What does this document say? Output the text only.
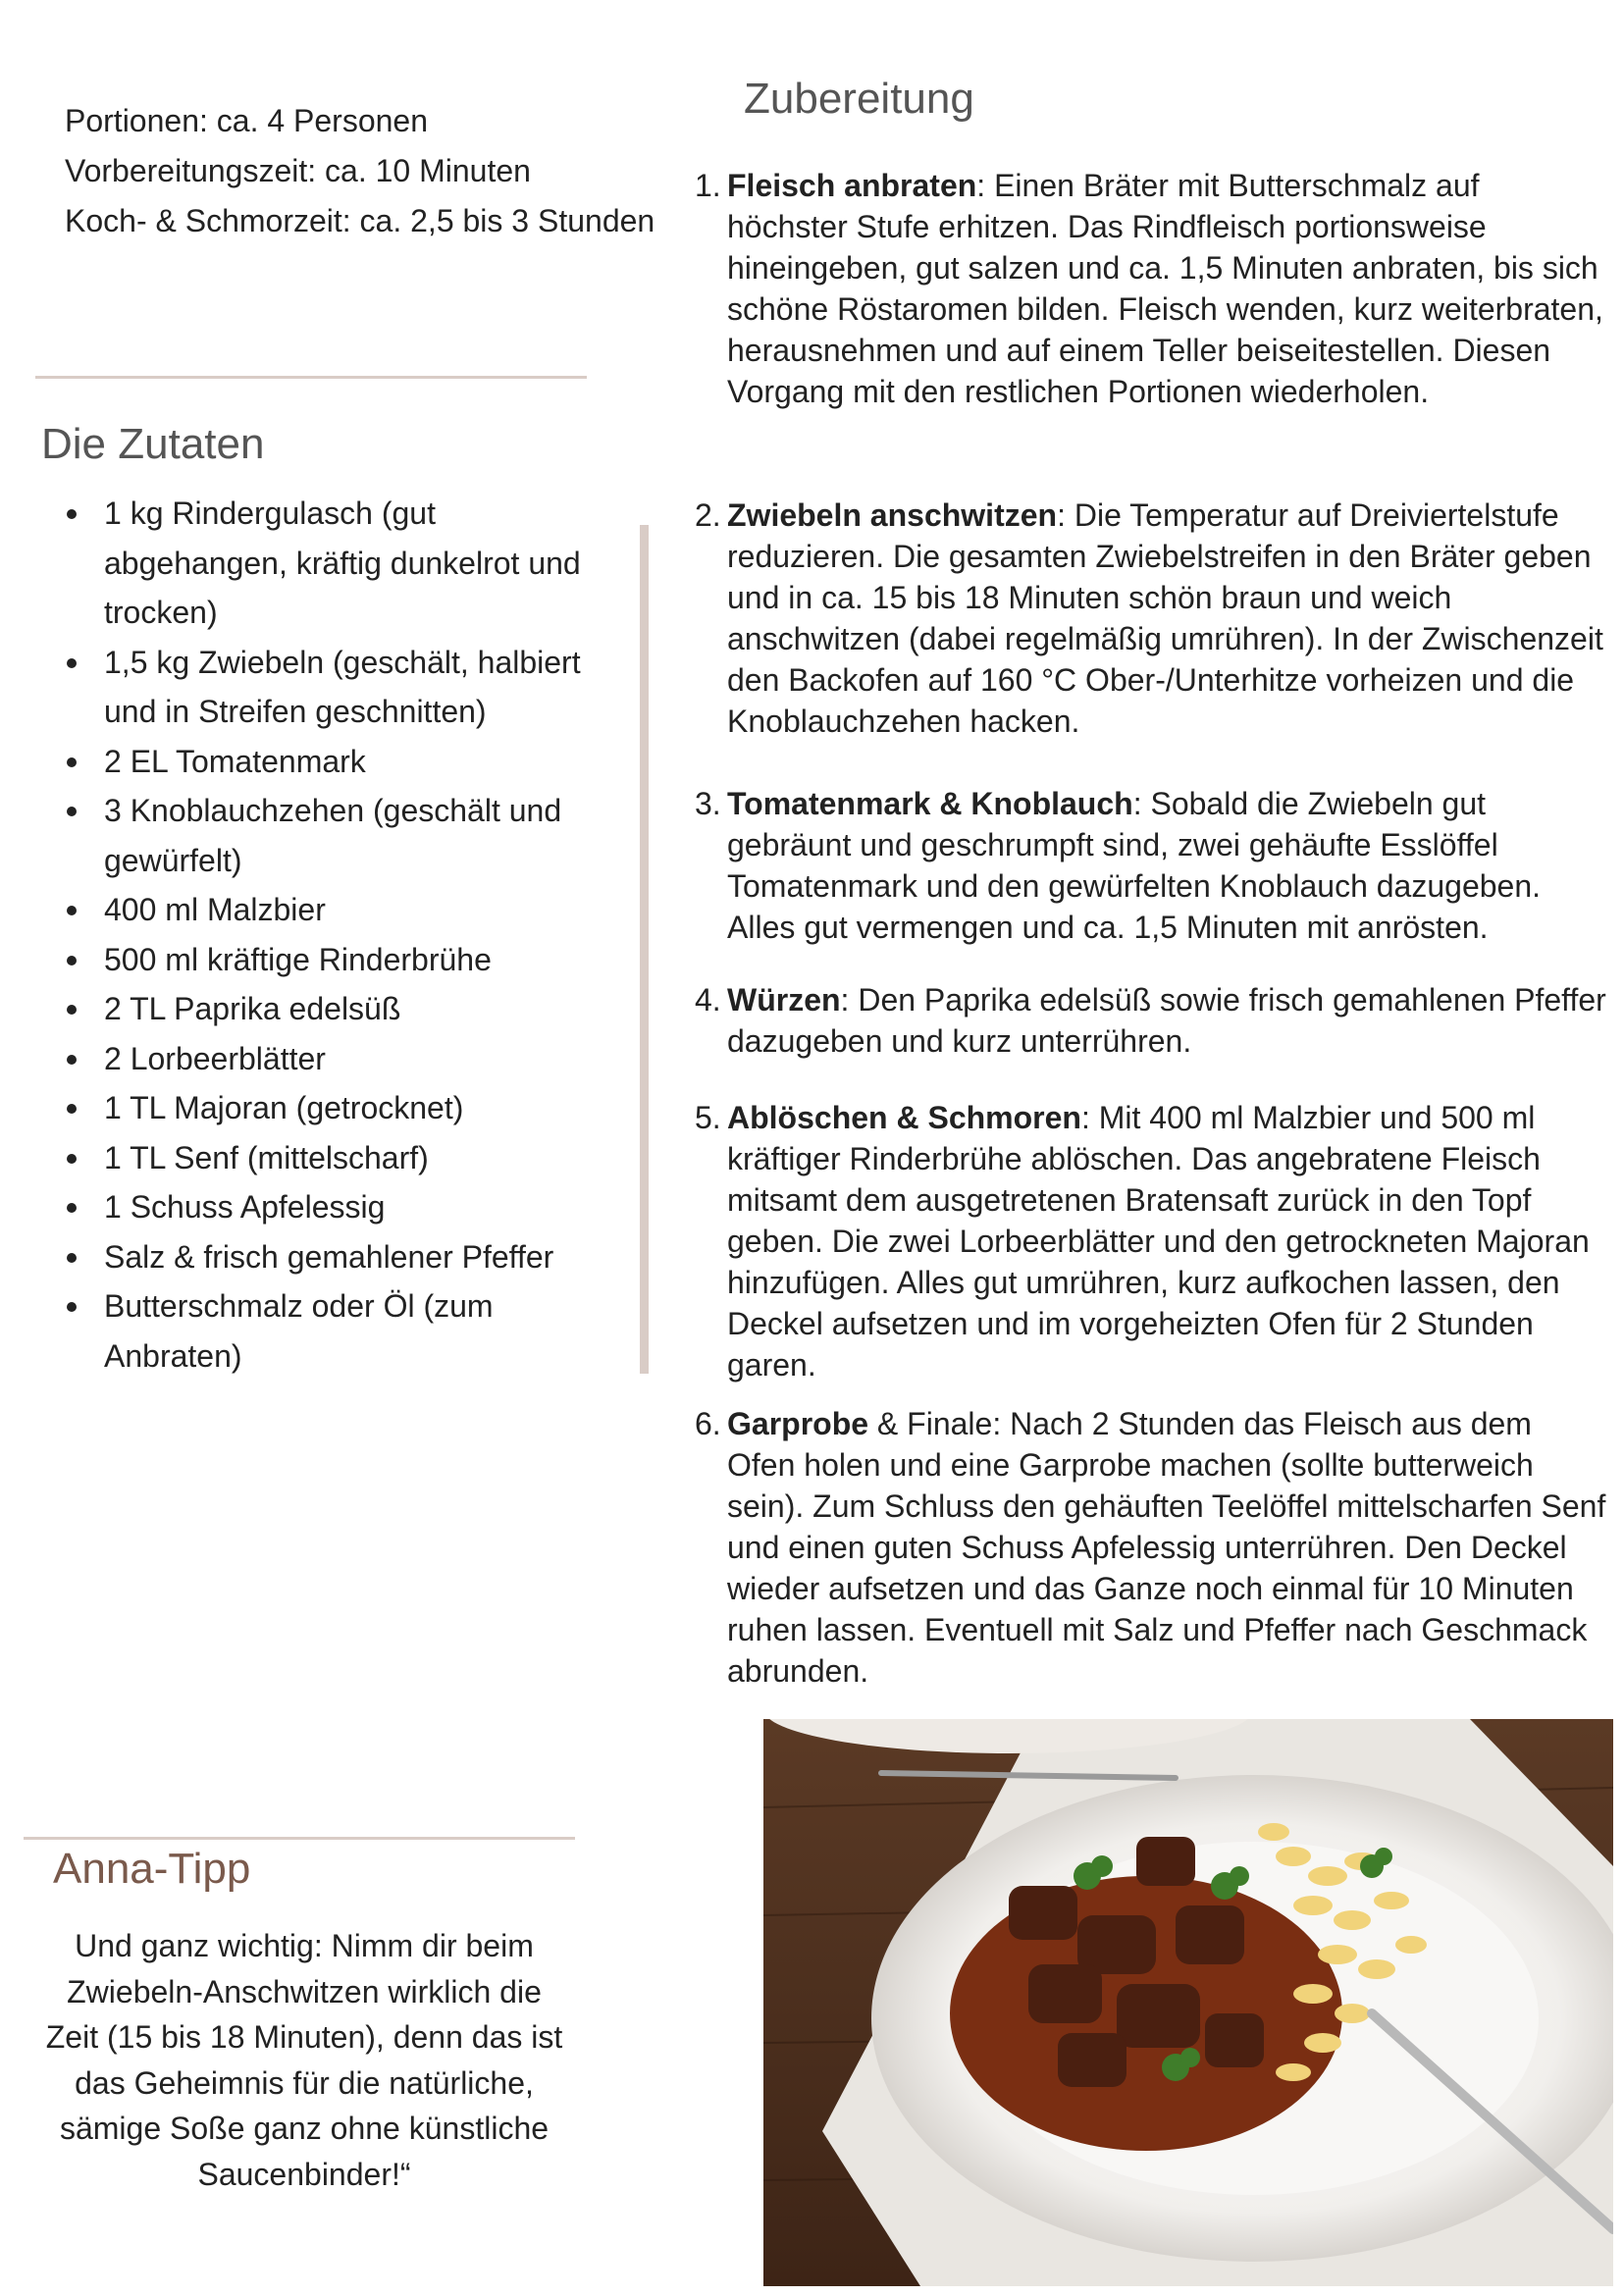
Portionen: ca. 4 Personen
Vorbereitungszeit: ca. 10 Minuten
Koch- & Schmorzeit: ca. 2,5 bis 3 Stunden
Die Zutaten
1 kg Rindergulasch (gut abgehangen, kräftig dunkelrot und trocken)
1,5 kg Zwiebeln (geschält, halbiert und in Streifen geschnitten)
2 EL Tomatenmark
3 Knoblauchzehen (geschält und gewürfelt)
400 ml Malzbier
500 ml kräftige Rinderbrühe
2 TL Paprika edelsüß
2 Lorbeerblätter
1 TL Majoran (getrocknet)
1 TL Senf (mittelscharf)
1 Schuss Apfelessig
Salz & frisch gemahlener Pfeffer
Butterschmalz oder Öl (zum Anbraten)
Zubereitung
1. Fleisch anbraten: Einen Bräter mit Butterschmalz auf höchster Stufe erhitzen. Das Rindfleisch portionsweise hineingeben, gut salzen und ca. 1,5 Minuten anbraten, bis sich schöne Röstaromen bilden. Fleisch wenden, kurz weiterbraten, herausnehmen und auf einem Teller beiseitestellen. Diesen Vorgang mit den restlichen Portionen wiederholen.
2. Zwiebeln anschwitzen: Die Temperatur auf Dreiviertelstufe reduzieren. Die gesamten Zwiebelstreifen in den Bräter geben und in ca. 15 bis 18 Minuten schön braun und weich anschwitzen (dabei regelmäßig umrühren). In der Zwischenzeit den Backofen auf 160 °C Ober-/Unterhitze vorheizen und die Knoblauchzehen hacken.
3. Tomatenmark & Knoblauch: Sobald die Zwiebeln gut gebräunt und geschrumpft sind, zwei gehäufte Esslöffel Tomatenmark und den gewürfelten Knoblauch dazugeben. Alles gut vermengen und ca. 1,5 Minuten mit anrösten.
4. Würzen: Den Paprika edelsüß sowie frisch gemahlenen Pfeffer dazugeben und kurz unterrühren.
5. Ablöschen & Schmoren: Mit 400 ml Malzbier und 500 ml kräftiger Rinderbrühe ablöschen. Das angebratene Fleisch mitsamt dem ausgetretenen Bratensaft zurück in den Topf geben. Die zwei Lorbeerblätter und den getrockneten Majoran hinzufügen. Alles gut umrühren, kurz aufkochen lassen, den Deckel aufsetzen und im vorgeheizten Ofen für 2 Stunden garen.
6. Garprobe & Finale: Nach 2 Stunden das Fleisch aus dem Ofen holen und eine Garprobe machen (sollte butterweich sein). Zum Schluss den gehäuften Teelöffel mittelscharfen Senf und einen guten Schuss Apfelessig unterrühren. Den Deckel wieder aufsetzen und das Ganze noch einmal für 10 Minuten ruhen lassen. Eventuell mit Salz und Pfeffer nach Geschmack abrunden.
Anna-Tipp
Und ganz wichtig: Nimm dir beim Zwiebeln-Anschwitzen wirklich die Zeit (15 bis 18 Minuten), denn das ist das Geheimnis für die natürliche, sämige Soße ganz ohne künstliche Saucenbinder!“
